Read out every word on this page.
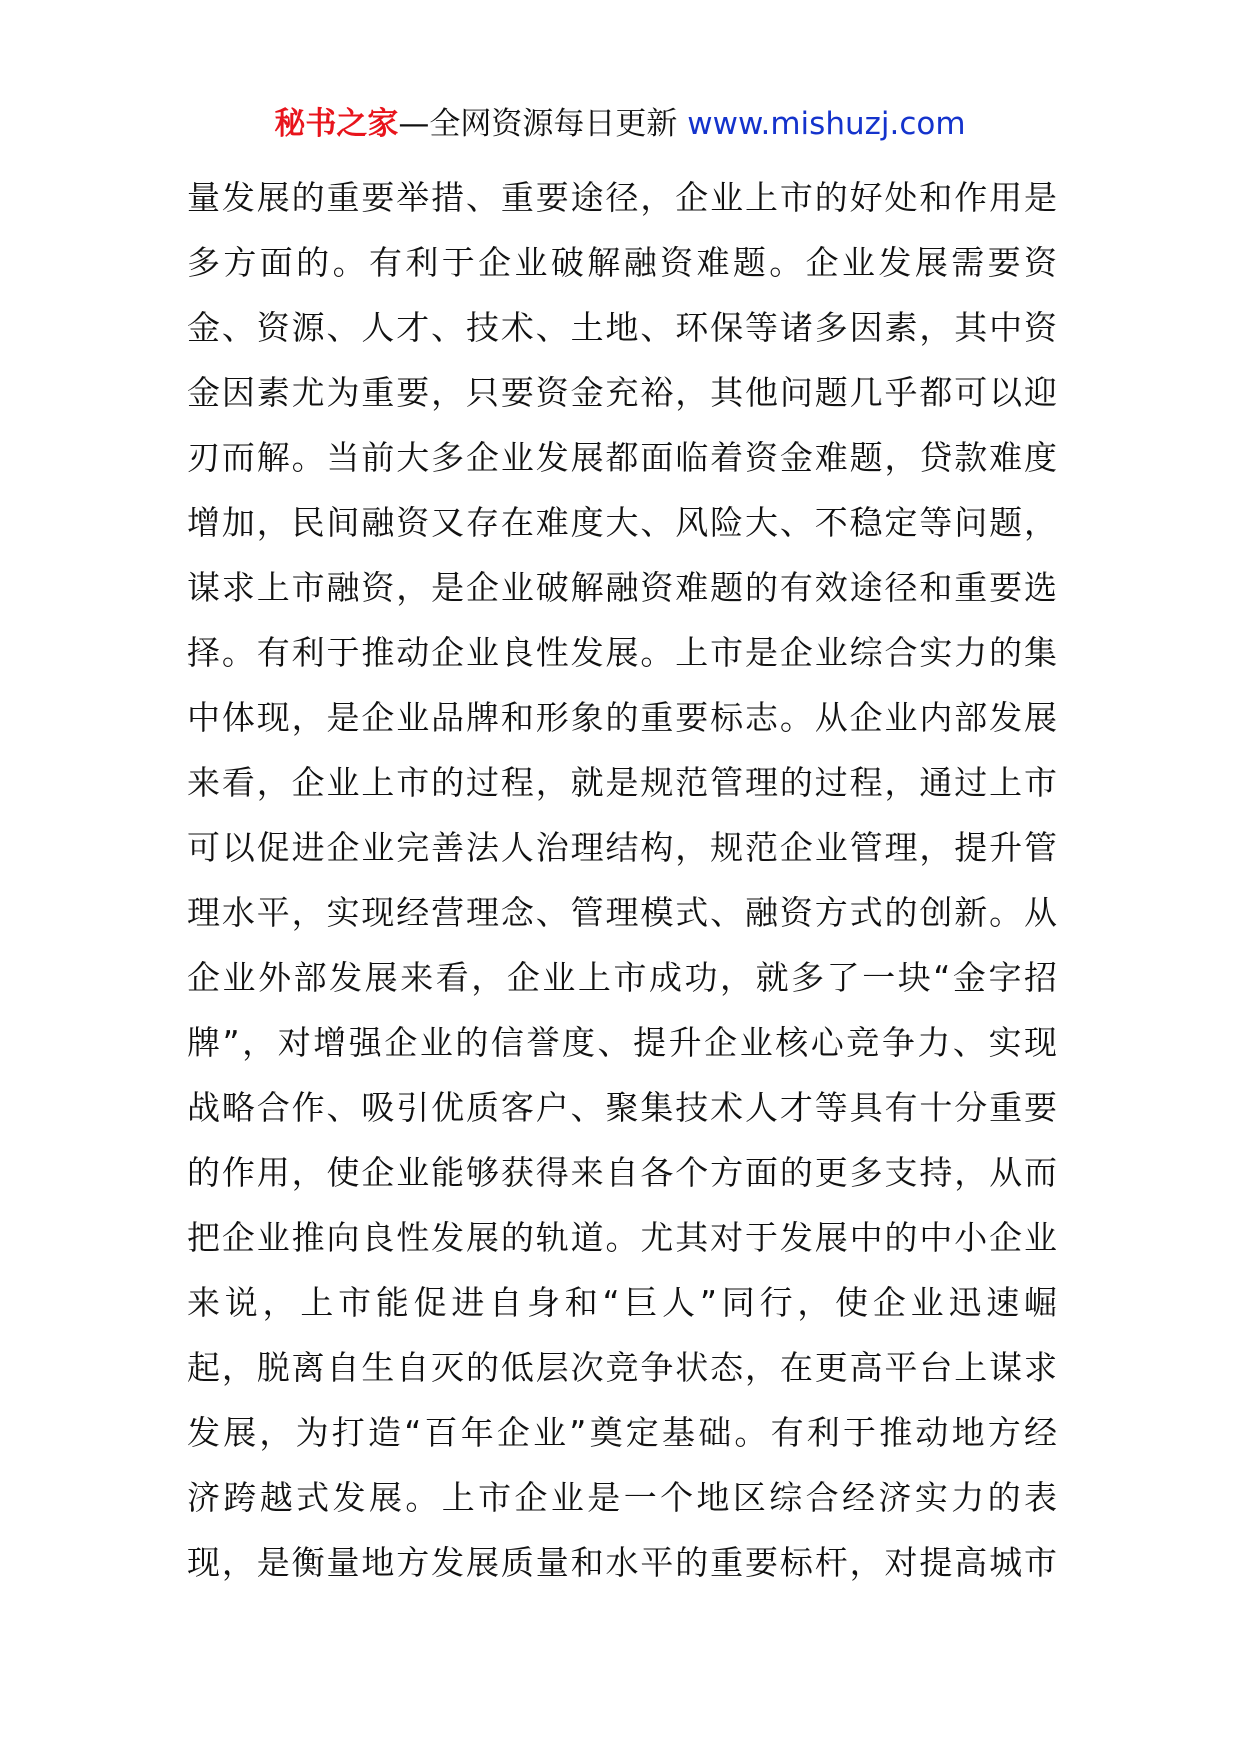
秘书之家—全网资源每日更新 www.mishuzj.com
量发展的重要举措、重要途径，企业上市的好处和作用是
多方面的。有利于企业破解融资难题。企业发展需要资
金、资源、人才、技术、土地、环保等诸多因素，其中资
金因素尤为重要，只要资金充裕，其他问题几乎都可以迎
刃而解。当前大多企业发展都面临着资金难题，贷款难度
增加，民间融资又存在难度大、风险大、不稳定等问题，
谋求上市融资，是企业破解融资难题的有效途径和重要选
择。有利于推动企业良性发展。上市是企业综合实力的集
中体现，是企业品牌和形象的重要标志。从企业内部发展
来看，企业上市的过程，就是规范管理的过程，通过上市
可以促进企业完善法人治理结构，规范企业管理，提升管
理水平，实现经营理念、管理模式、融资方式的创新。从
企业外部发展来看，企业上市成功，就多了一块“金字招
牌”，对增强企业的信誉度、提升企业核心竞争力、实现
战略合作、吸引优质客户、聚集技术人才等具有十分重要
的作用，使企业能够获得来自各个方面的更多支持，从而
把企业推向良性发展的轨道。尤其对于发展中的中小企业
来说，上市能促进自身和“巨人”同行，使企业迅速崛
起，脱离自生自灭的低层次竞争状态，在更高平台上谋求
发展，为打造“百年企业”奠定基础。有利于推动地方经
济跨越式发展。上市企业是一个地区综合经济实力的表
现，是衡量地方发展质量和水平的重要标杆，对提高城市
